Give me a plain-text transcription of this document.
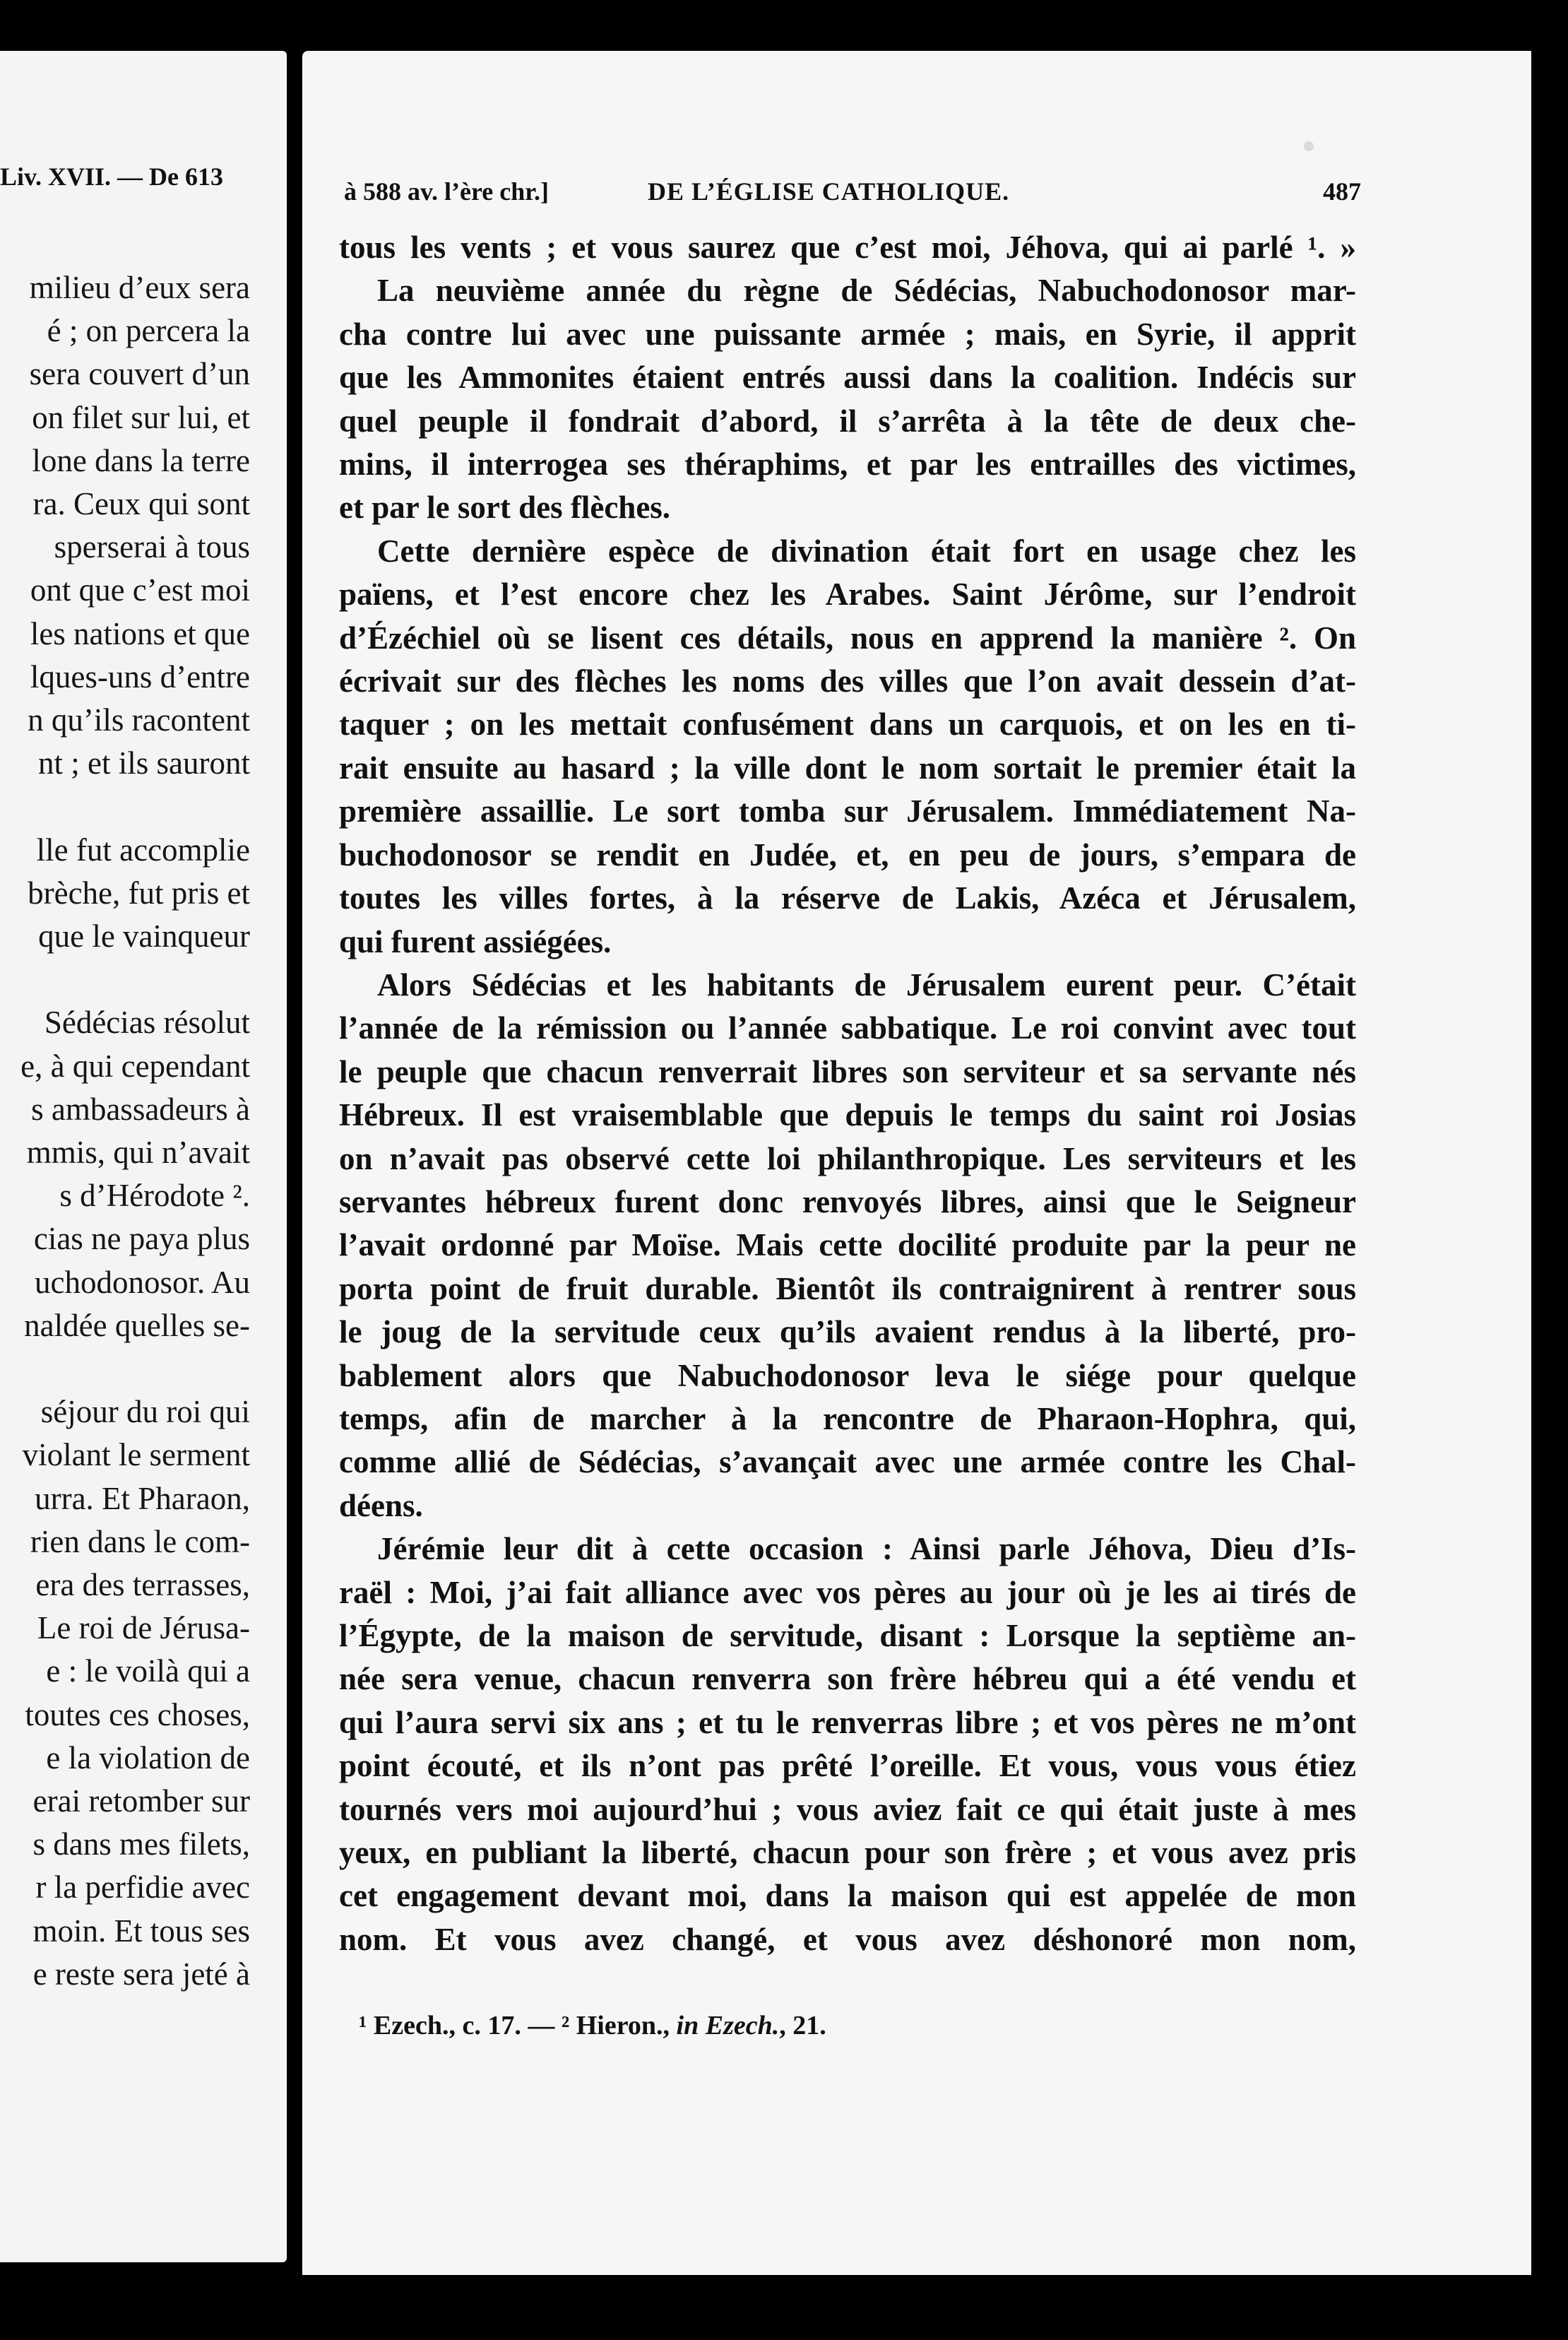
Liv. XVII. — De 613
milieu d’eux sera
é ; on percera la
sera couvert d’un
on filet sur lui, et
lone dans la terre
ra. Ceux qui sont
sperserai à tous
ont que c’est moi
les nations et que
lques-uns d’entre
n qu’ils racontent
nt ; et ils sauront
lle fut accomplie
brèche, fut pris et
que le vainqueur
Sédécias résolut
e, à qui cependant
s ambassadeurs à
mmis, qui n’avait
s d’Hérodote ².
cias ne paya plus
uchodonosor. Au
naldée quelles se-
séjour du roi qui
violant le serment
urra. Et Pharaon,
rien dans le com-
era des terrasses,
Le roi de Jérusa-
e : le voilà qui a
toutes ces choses,
e la violation de
erai retomber sur
s dans mes filets,
r la perfidie avec
moin. Et tous ses
e reste sera jeté à
à 588 av. l’ère chr.]	DE L’ÉGLISE CATHOLIQUE.	487
tous les vents ; et vous saurez que c’est moi, Jéhova, qui ai parlé ¹. »
La neuvième année du règne de Sédécias, Nabuchodonosor mar-
cha contre lui avec une puissante armée ; mais, en Syrie, il apprit
que les Ammonites étaient entrés aussi dans la coalition. Indécis sur
quel peuple il fondrait d’abord, il s’arrêta à la tête de deux che-
mins, il interrogea ses théraphims, et par les entrailles des victimes,
et par le sort des flèches.
Cette dernière espèce de divination était fort en usage chez les
païens, et l’est encore chez les Arabes. Saint Jérôme, sur l’endroit
d’Ézéchiel où se lisent ces détails, nous en apprend la manière ². On
écrivait sur des flèches les noms des villes que l’on avait dessein d’at-
taquer ; on les mettait confusément dans un carquois, et on les en ti-
rait ensuite au hasard ; la ville dont le nom sortait le premier était la
première assaillie. Le sort tomba sur Jérusalem. Immédiatement Na-
buchodonosor se rendit en Judée, et, en peu de jours, s’empara de
toutes les villes fortes, à la réserve de Lakis, Azéca et Jérusalem,
qui furent assiégées.
Alors Sédécias et les habitants de Jérusalem eurent peur. C’était
l’année de la rémission ou l’année sabbatique. Le roi convint avec tout
le peuple que chacun renverrait libres son serviteur et sa servante nés
Hébreux. Il est vraisemblable que depuis le temps du saint roi Josias
on n’avait pas observé cette loi philanthropique. Les serviteurs et les
servantes hébreux furent donc renvoyés libres, ainsi que le Seigneur
l’avait ordonné par Moïse. Mais cette docilité produite par la peur ne
porta point de fruit durable. Bientôt ils contraignirent à rentrer sous
le joug de la servitude ceux qu’ils avaient rendus à la liberté, pro-
bablement alors que Nabuchodonosor leva le siége pour quelque
temps, afin de marcher à la rencontre de Pharaon-Hophra, qui,
comme allié de Sédécias, s’avançait avec une armée contre les Chal-
déens.
Jérémie leur dit à cette occasion : Ainsi parle Jéhova, Dieu d’Is-
raël : Moi, j’ai fait alliance avec vos pères au jour où je les ai tirés de
l’Égypte, de la maison de servitude, disant : Lorsque la septième an-
née sera venue, chacun renverra son frère hébreu qui a été vendu et
qui l’aura servi six ans ; et tu le renverras libre ; et vos pères ne m’ont
point écouté, et ils n’ont pas prêté l’oreille. Et vous, vous vous étiez
tournés vers moi aujourd’hui ; vous aviez fait ce qui était juste à mes
yeux, en publiant la liberté, chacun pour son frère ; et vous avez pris
cet engagement devant moi, dans la maison qui est appelée de mon
nom. Et vous avez changé, et vous avez déshonoré mon nom,
¹ Ezech., c. 17. — ² Hieron., in Ezech., 21.
